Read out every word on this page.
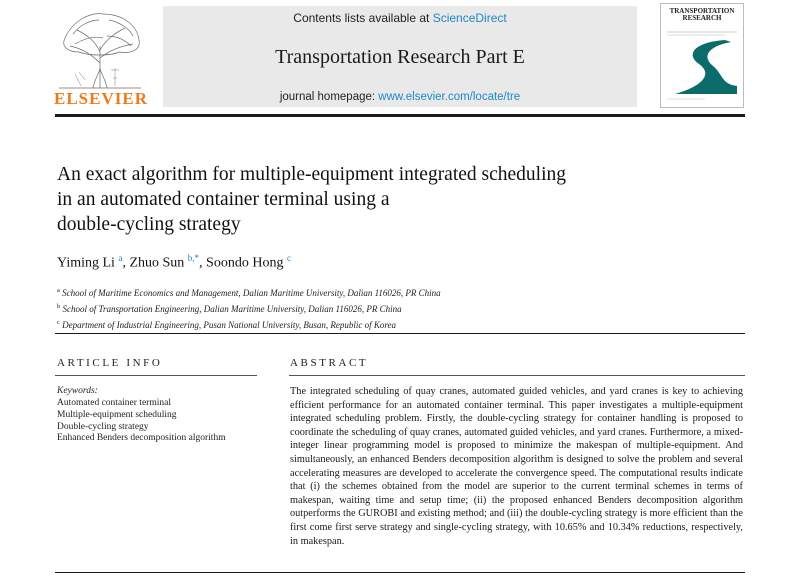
ELSEVIER
Contents lists available at ScienceDirect
Transportation Research Part E
journal homepage: www.elsevier.com/locate/tre
TRANSPORTATION RESEARCH
An exact algorithm for multiple-equipment integrated scheduling
in an automated container terminal using a
double-cycling strategy
Yiming Li $^a$, Zhuo Sun $^{b,*}$, Soondo Hong $^c$
$^a$ School of Maritime Economics and Management, Dalian Maritime University, Dalian 116026, PR China
$^b$ School of Transportation Engineering, Dalian Maritime University, Dalian 116026, PR China
$^c$ Department of Industrial Engineering, Pusan National University, Busan, Republic of Korea
ARTICLE INFO
Keywords:
Automated container terminal
Multiple-equipment scheduling
Double-cycling strategy
Enhanced Benders decomposition algorithm
ABSTRACT
The integrated scheduling of quay cranes, automated guided vehicles, and yard cranes is key to achieving efficient performance for an automated container terminal. This paper investigates a multiple-equipment integrated scheduling problem. Firstly, the double-cycling strategy for container handling is proposed to coordinate the scheduling of quay cranes, automated guided vehicles, and yard cranes. Furthermore, a mixed-integer linear programming model is proposed to minimize the makespan of multiple-equipment. And simultaneously, an enhanced Benders decomposition algorithm is designed to solve the problem and several accelerating measures are developed to accelerate the convergence speed. The computational results indicate that (i) the schemes obtained from the model are superior to the current terminal schemes in terms of makespan, waiting time and setup time; (ii) the proposed enhanced Benders decomposition algorithm outperforms the GUROBI and existing method; and (iii) the double-cycling strategy is more efficient than the first come first serve strategy and single-cycling strategy, with 10.65% and 10.34% reductions, respectively, in makespan.
